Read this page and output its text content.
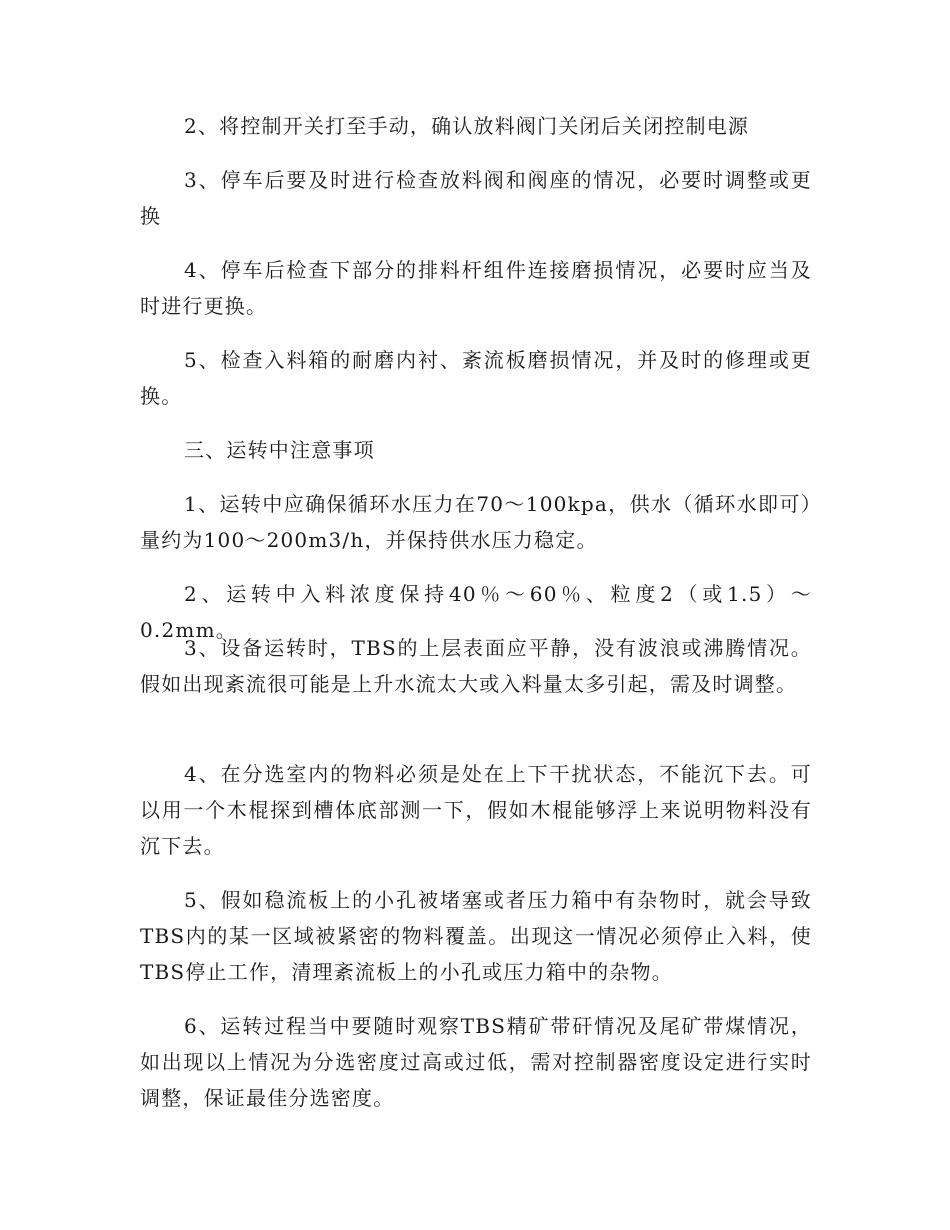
2、将控制开关打至手动，确认放料阀门关闭后关闭控制电源

3、停车后要及时进行检查放料阀和阀座的情况，必要时调整或更换

4、停车后检查下部分的排料杆组件连接磨损情况，必要时应当及时进行更换。

5、检查入料箱的耐磨内衬、紊流板磨损情况，并及时的修理或更换。

三、运转中注意事项

1、运转中应确保循环水压力在70～100kpa，供水（循环水即可）量约为100～200m3/h，并保持供水压力稳定。

2、运转中入料浓度保持40％～60％、粒度2（或1.5）～0.2mm。

3、设备运转时，TBS的上层表面应平静，没有波浪或沸腾情况。假如出现紊流很可能是上升水流太大或入料量太多引起，需及时调整。

4、在分选室内的物料必须是处在上下干扰状态，不能沉下去。可以用一个木棍探到槽体底部测一下，假如木棍能够浮上来说明物料没有沉下去。

5、假如稳流板上的小孔被堵塞或者压力箱中有杂物时，就会导致TBS内的某一区域被紧密的物料覆盖。出现这一情况必须停止入料，使TBS停止工作，清理紊流板上的小孔或压力箱中的杂物。

6、运转过程当中要随时观察TBS精矿带矸情况及尾矿带煤情况，如出现以上情况为分选密度过高或过低，需对控制器密度设定进行实时调整，保证最佳分选密度。
